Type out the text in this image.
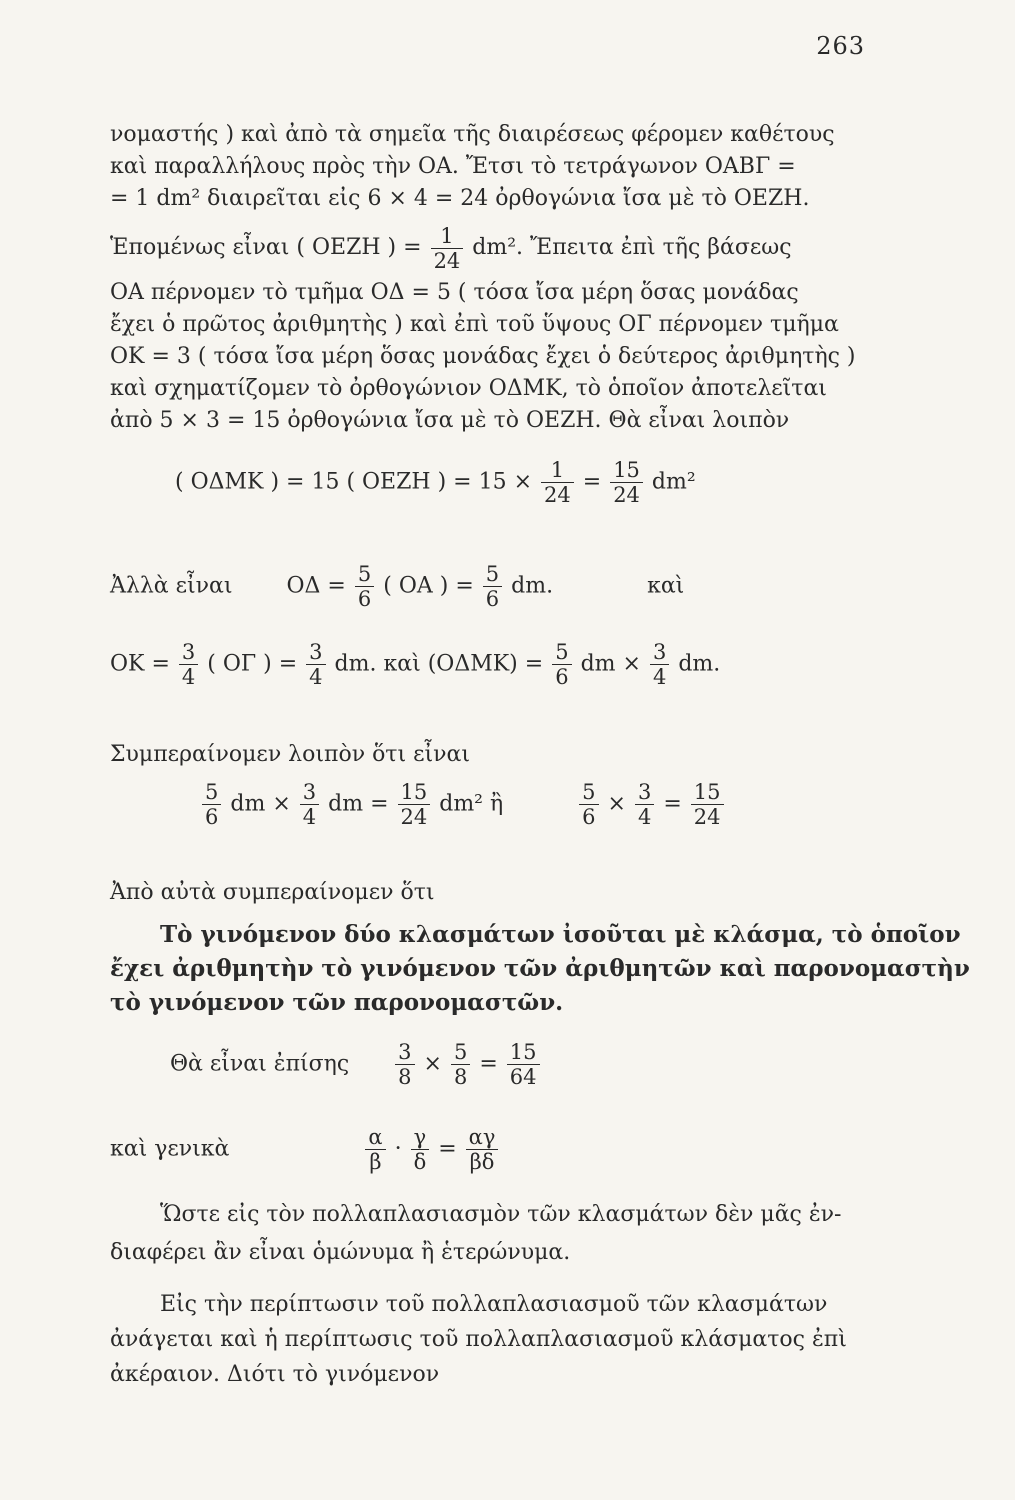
263
νομαστής ) καὶ ἀπὸ τὰ σημεῖα τῆς διαιρέσεως φέρομεν καθέτους
καὶ παραλλήλους πρὸς τὴν ΟΑ. Ἔτσι τὸ τετράγωνον ΟΑΒΓ =
= 1 dm² διαιρεῖται εἰς 6 × 4 = 24 ὀρθογώνια ἴσα μὲ τὸ ΟΕΖΗ.
Ἑπομένως εἶναι ( ΟΕΖΗ ) = $\frac{1}{24} dm^2$. Ἔπειτα ἐπὶ τῆς βάσεως
ΟΑ πέρνομεν τὸ τμῆμα ΟΔ = 5 ( τόσα ἴσα μέρη ὅσας μονάδας
ἔχει ὁ πρῶτος ἀριθμητὴς ) καὶ ἐπὶ τοῦ ὕψους ΟΓ πέρνομεν τμῆμα
ΟΚ = 3 ( τόσα ἴσα μέρη ὅσας μονάδας ἔχει ὁ δεύτερος ἀριθμητὴς )
καὶ σχηματίζομεν τὸ ὀρθογώνιον ΟΔΜΚ, τὸ ὁποῖον ἀποτελεῖται
ἀπὸ 5 × 3 = 15 ὀρθογώνια ἴσα μὲ τὸ ΟΕΖΗ. Θὰ εἶναι λοιπὸν
( ΟΔΜΚ ) = 15 ( ΟΕΖΗ ) = $15 \times \frac{1}{24} = \frac{15}{24} dm^2$
Ἀλλὰ εἶναι $O\Delta = \frac{5}{6}$ ( ΟΑ ) = $\frac{5}{6}$ dm.	καὶ
$OK = \frac{3}{4}$ ( ΟΓ ) = $\frac{3}{4}$ dm. καὶ $(O\Delta MK) = \frac{5}{6}$ dm × $\frac{3}{4}$ dm.
Συμπεραίνομεν λοιπὸν ὅτι εἶναι
$\frac{5}{6}$ dm × $\frac{3}{4}$ dm = $\frac{15}{24} dm^2$ ἢ	$\frac{5}{6} \times \frac{3}{4} = \frac{15}{24}$
Ἀπὸ αὐτὰ συμπεραίνομεν ὅτι
Τὸ γινόμενον δύο κλασμάτων ἰσοῦται μὲ κλάσμα, τὸ ὁποῖον
ἔχει ἀριθμητὴν τὸ γινόμενον τῶν ἀριθμητῶν καὶ παρονομαστὴν
τὸ γινόμενον τῶν παρονομαστῶν.
Θὰ εἶναι ἐπίσης $\frac{3}{8} \times \frac{5}{8} = \frac{15}{64}$
καὶ γενικὰ	$\frac{\alpha}{\beta} \cdot \frac{\gamma}{\delta} = \frac{\alpha\gamma}{\beta\delta}$
Ὥστε εἰς τὸν πολλαπλασιασμὸν τῶν κλασμάτων δὲν μᾶς ἐν-
διαφέρει ἂν εἶναι ὁμώνυμα ἢ ἑτερώνυμα.
Εἰς τὴν περίπτωσιν τοῦ πολλαπλασιασμοῦ τῶν κλασμάτων
ἀνάγεται καὶ ἡ περίπτωσις τοῦ πολλαπλασιασμοῦ κλάσματος ἐπὶ
ἀκέραιον. Διότι τὸ γινόμενον
